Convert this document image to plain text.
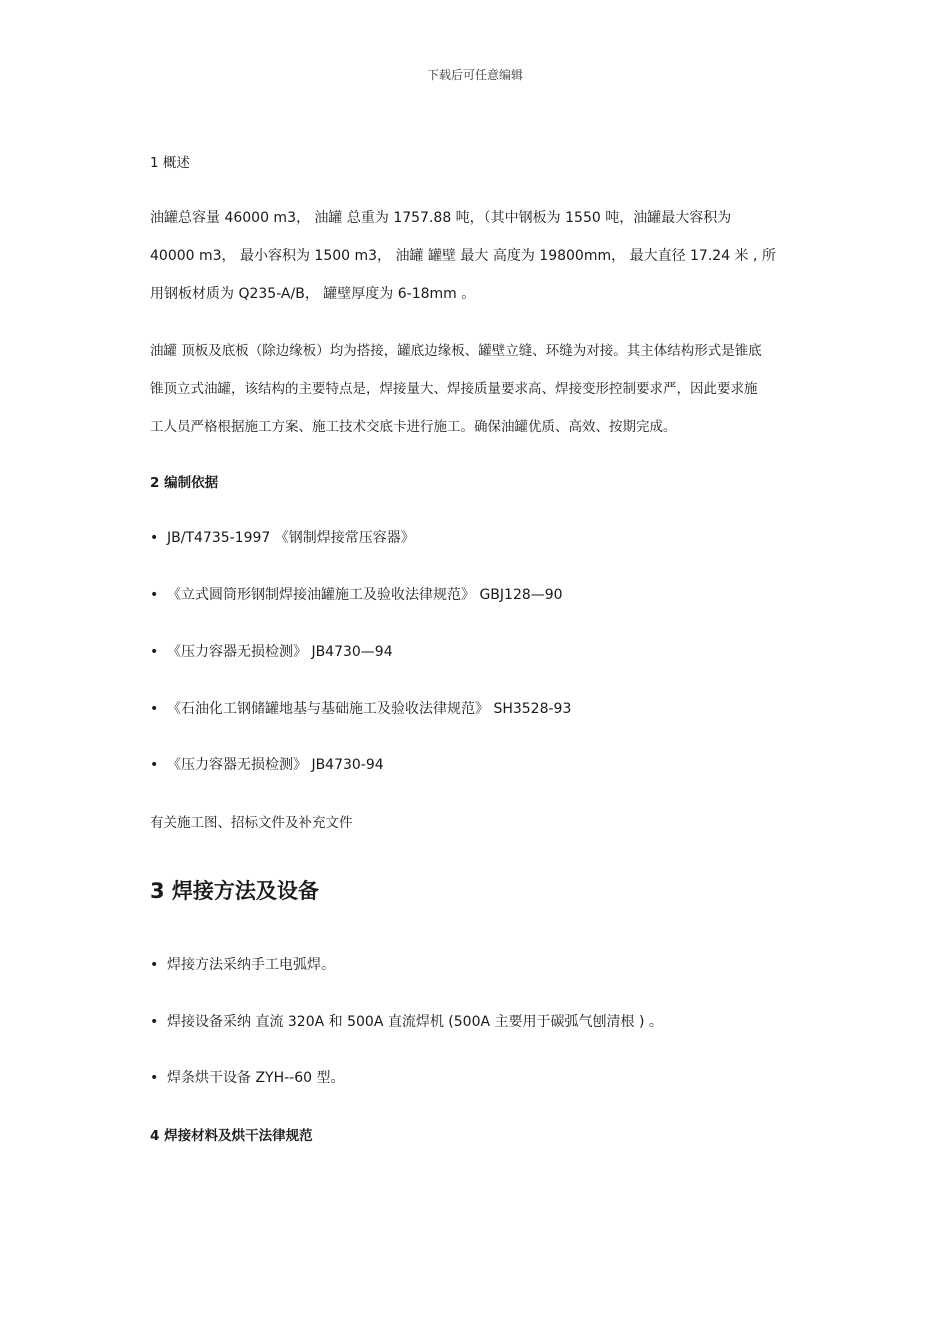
下载后可任意编辑
1 概述
油罐总容量 46000 m3， 油罐 总重为 1757.88 吨，（其中钢板为 1550 吨，油罐最大容积为
40000 m3， 最小容积为 1500 m3， 油罐 罐壁 最大 高度为 19800mm， 最大直径 17.24 米 , 所
用钢板材质为 Q235-A/B， 罐壁厚度为 6-18mm 。
油罐 顶板及底板（除边缘板）均为搭接，罐底边缘板、罐壁立缝、环缝为对接。其主体结构形式是锥底
锥顶立式油罐，该结构的主要特点是，焊接量大、焊接质量要求高、焊接变形控制要求严，因此要求施
工人员严格根据施工方案、施工技术交底卡进行施工。确保油罐优质、高效、按期完成。
2 编制依据
• JB/T4735-1997 《钢制焊接常压容器》
• 《立式圆筒形钢制焊接油罐施工及验收法律规范》 GBJ128—90
• 《压力容器无损检测》 JB4730—94
• 《石油化工钢储罐地基与基础施工及验收法律规范》 SH3528-93
• 《压力容器无损检测》 JB4730-94
有关施工图、招标文件及补充文件
3 焊接方法及设备
• 焊接方法采纳手工电弧焊。
• 焊接设备采纳 直流 320A 和 500A 直流焊机 (500A 主要用于碳弧气刨清根 ) 。
• 焊条烘干设备 ZYH--60 型。
4 焊接材料及烘干法律规范
